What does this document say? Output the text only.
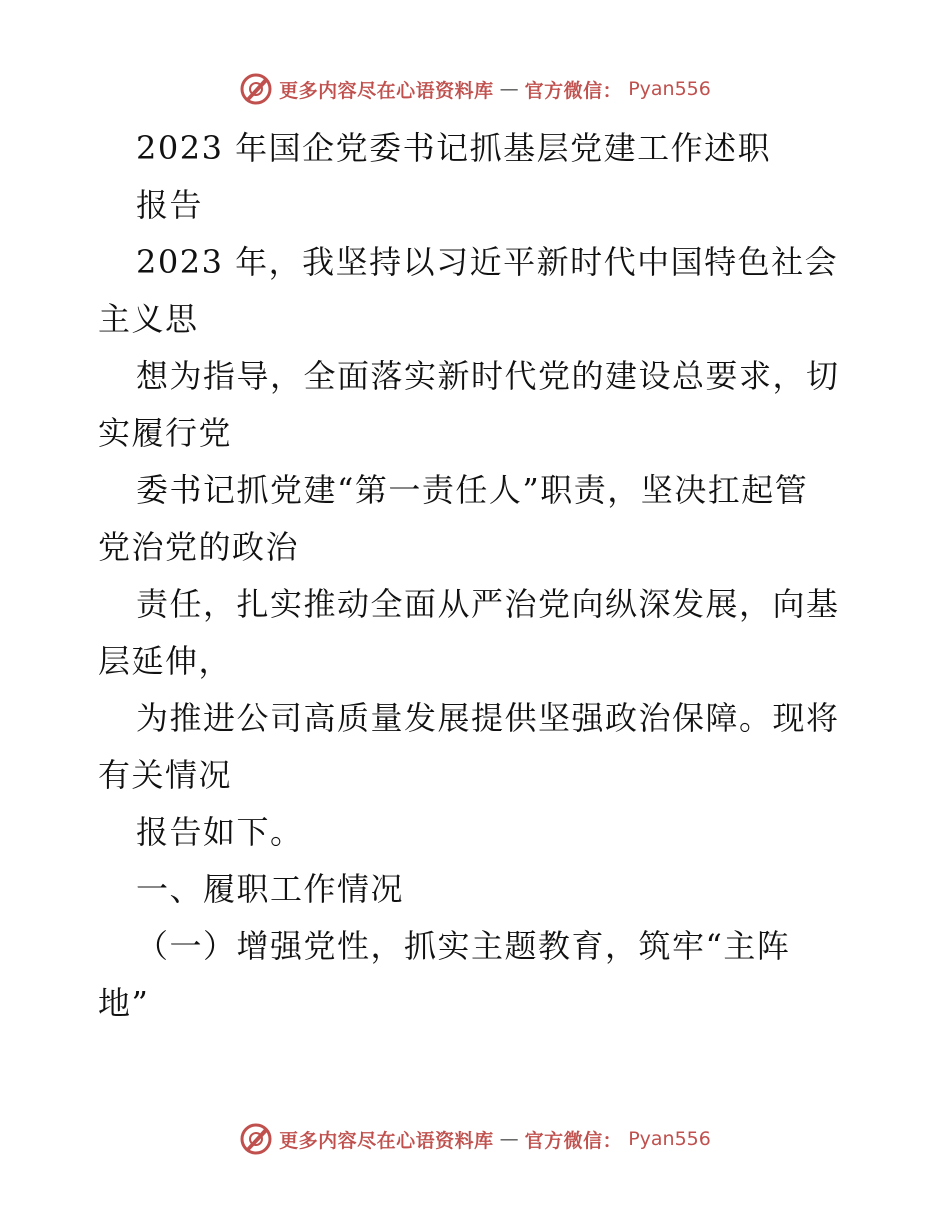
更多内容尽在心语资料库 — 官方微信： Pyan556

2023 年国企党委书记抓基层党建工作述职

报告

2023 年，我坚持以习近平新时代中国特色社会
主义思

想为指导，全面落实新时代党的建设总要求，切
实履行党

委书记抓党建“第一责任人”职责，坚决扛起管
党治党的政治

责任，扎实推动全面从严治党向纵深发展，向基
层延伸，

为推进公司高质量发展提供坚强政治保障。现将
有关情况

报告如下。

一、履职工作情况

（一）增强党性，抓实主题教育，筑牢“主阵
地”

更多内容尽在心语资料库 — 官方微信： Pyan556
